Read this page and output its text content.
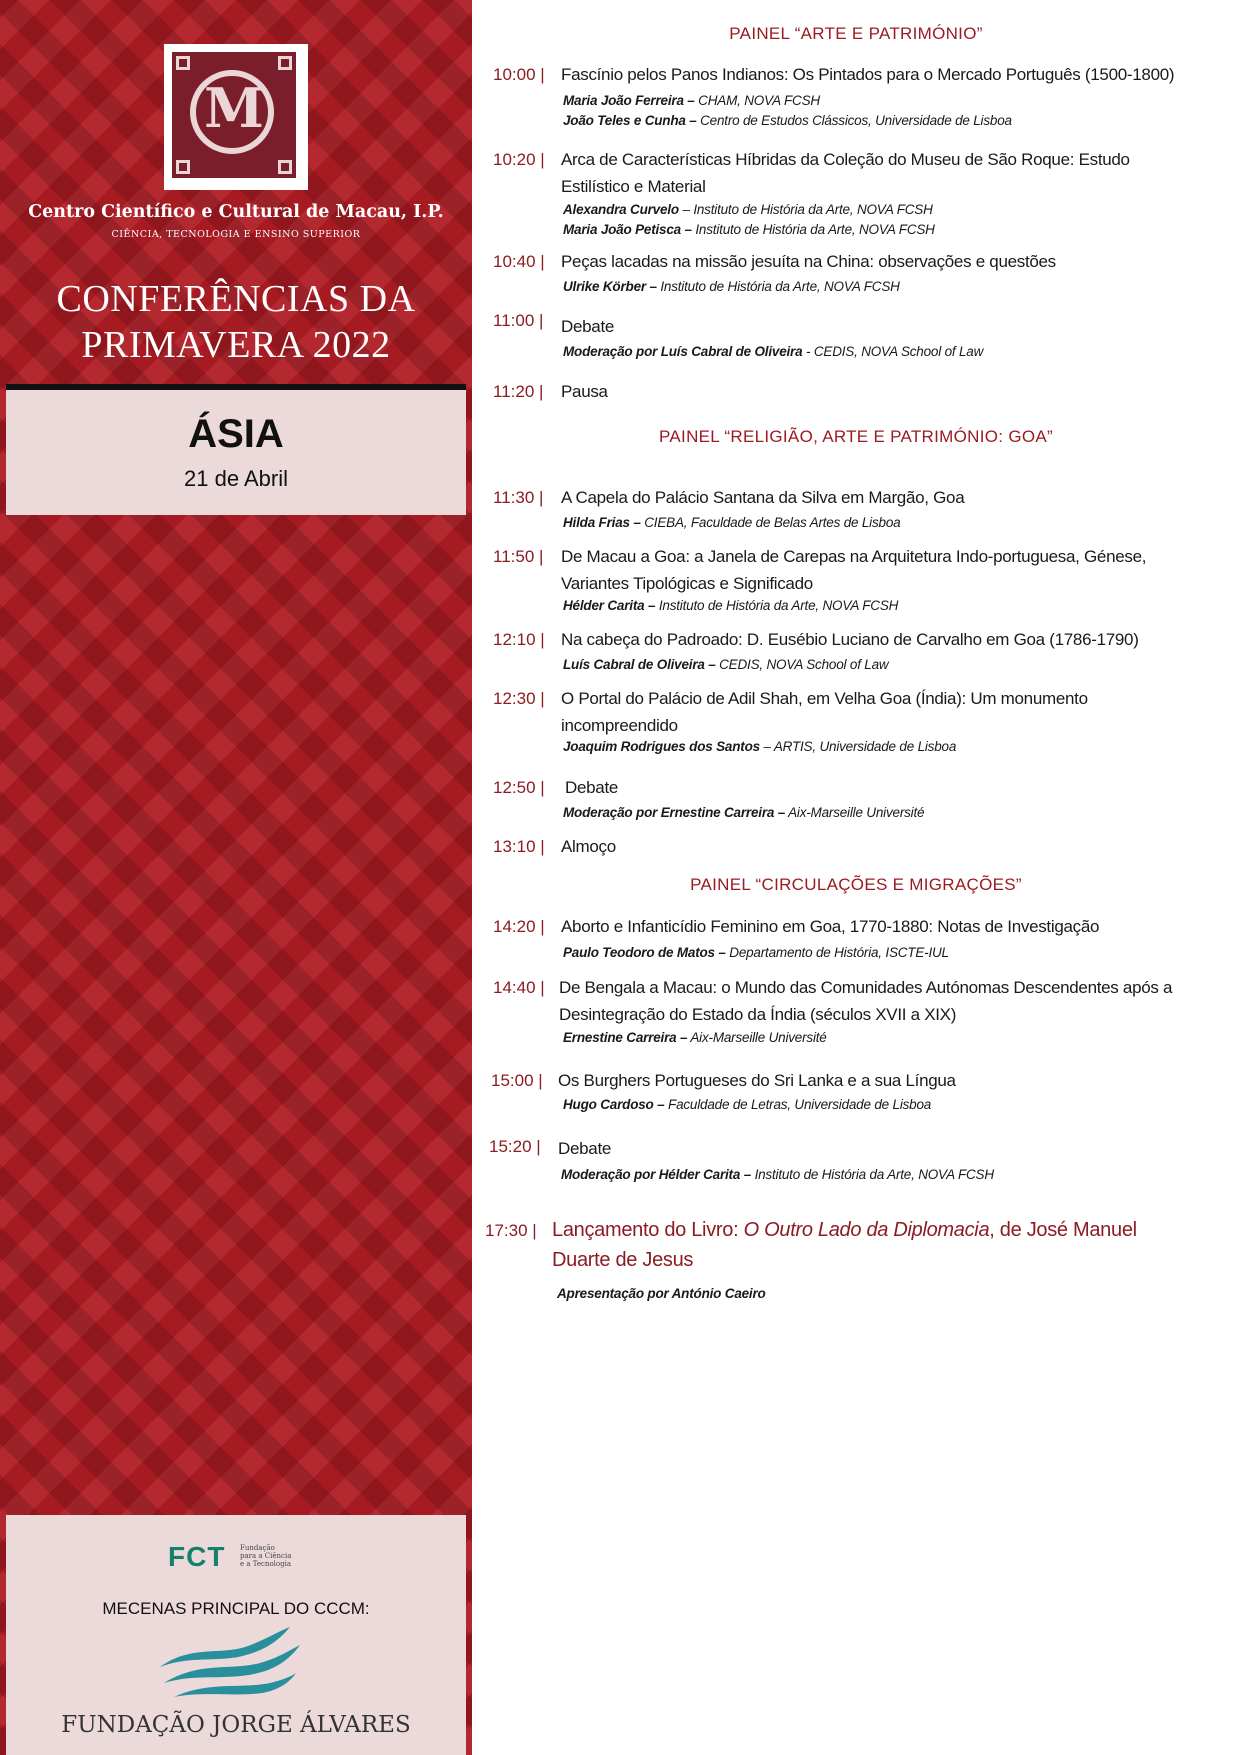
M
Centro Científico e Cultural de Macau, I.P.
CIÊNCIA, TECNOLOGIA E ENSINO SUPERIOR
CONFERÊNCIAS DA
PRIMAVERA 2022
ÁSIA
21 de Abril
FCT Fundação
para a Ciência
e a Tecnologia
MECENAS PRINCIPAL DO CCCM:
FUNDAÇÃO JORGE ÁLVARES
PAINEL “ARTE E PATRIMÓNIO”
10:00 | Fascínio pelos Panos Indianos: Os Pintados para o Mercado Português (1500-1800)
Maria João Ferreira – CHAM, NOVA FCSH
João Teles e Cunha – Centro de Estudos Clássicos, Universidade de Lisboa
10:20 | Arca de Características Híbridas da Coleção do Museu de São Roque: Estudo
Estilístico e Material
Alexandra Curvelo – Instituto de História da Arte, NOVA FCSH
Maria João Petisca – Instituto de História da Arte, NOVA FCSH
10:40 | Peças lacadas na missão jesuíta na China: observações e questões
Ulrike Körber – Instituto de História da Arte, NOVA FCSH
11:00 | Debate
Moderação por Luís Cabral de Oliveira - CEDIS, NOVA School of Law
11:20 | Pausa
PAINEL “RELIGIÃO, ARTE E PATRIMÓNIO: GOA”
11:30 | A Capela do Palácio Santana da Silva em Margão, Goa
Hilda Frias – CIEBA, Faculdade de Belas Artes de Lisboa
11:50 | De Macau a Goa: a Janela de Carepas na Arquitetura Indo-portuguesa, Génese,
Variantes Tipológicas e Significado
Hélder Carita – Instituto de História da Arte, NOVA FCSH
12:10 | Na cabeça do Padroado: D. Eusébio Luciano de Carvalho em Goa (1786-1790)
Luís Cabral de Oliveira – CEDIS, NOVA School of Law
12:30 | O Portal do Palácio de Adil Shah, em Velha Goa (Índia): Um monumento
incompreendido
Joaquim Rodrigues dos Santos – ARTIS, Universidade de Lisboa
12:50 | Debate
Moderação por Ernestine Carreira – Aix-Marseille Université
13:10 | Almoço
PAINEL “CIRCULAÇÕES E MIGRAÇÕES”
14:20 | Aborto e Infanticídio Feminino em Goa, 1770-1880: Notas de Investigação
Paulo Teodoro de Matos – Departamento de História, ISCTE-IUL
14:40 | De Bengala a Macau: o Mundo das Comunidades Autónomas Descendentes após a
Desintegração do Estado da Índia (séculos XVII a XIX)
Ernestine Carreira – Aix-Marseille Université
15:00 | Os Burghers Portugueses do Sri Lanka e a sua Língua
Hugo Cardoso – Faculdade de Letras, Universidade de Lisboa
15:20 | Debate
Moderação por Hélder Carita – Instituto de História da Arte, NOVA FCSH
17:30 | Lançamento do Livro: O Outro Lado da Diplomacia, de José Manuel
Duarte de Jesus
Apresentação por António Caeiro
